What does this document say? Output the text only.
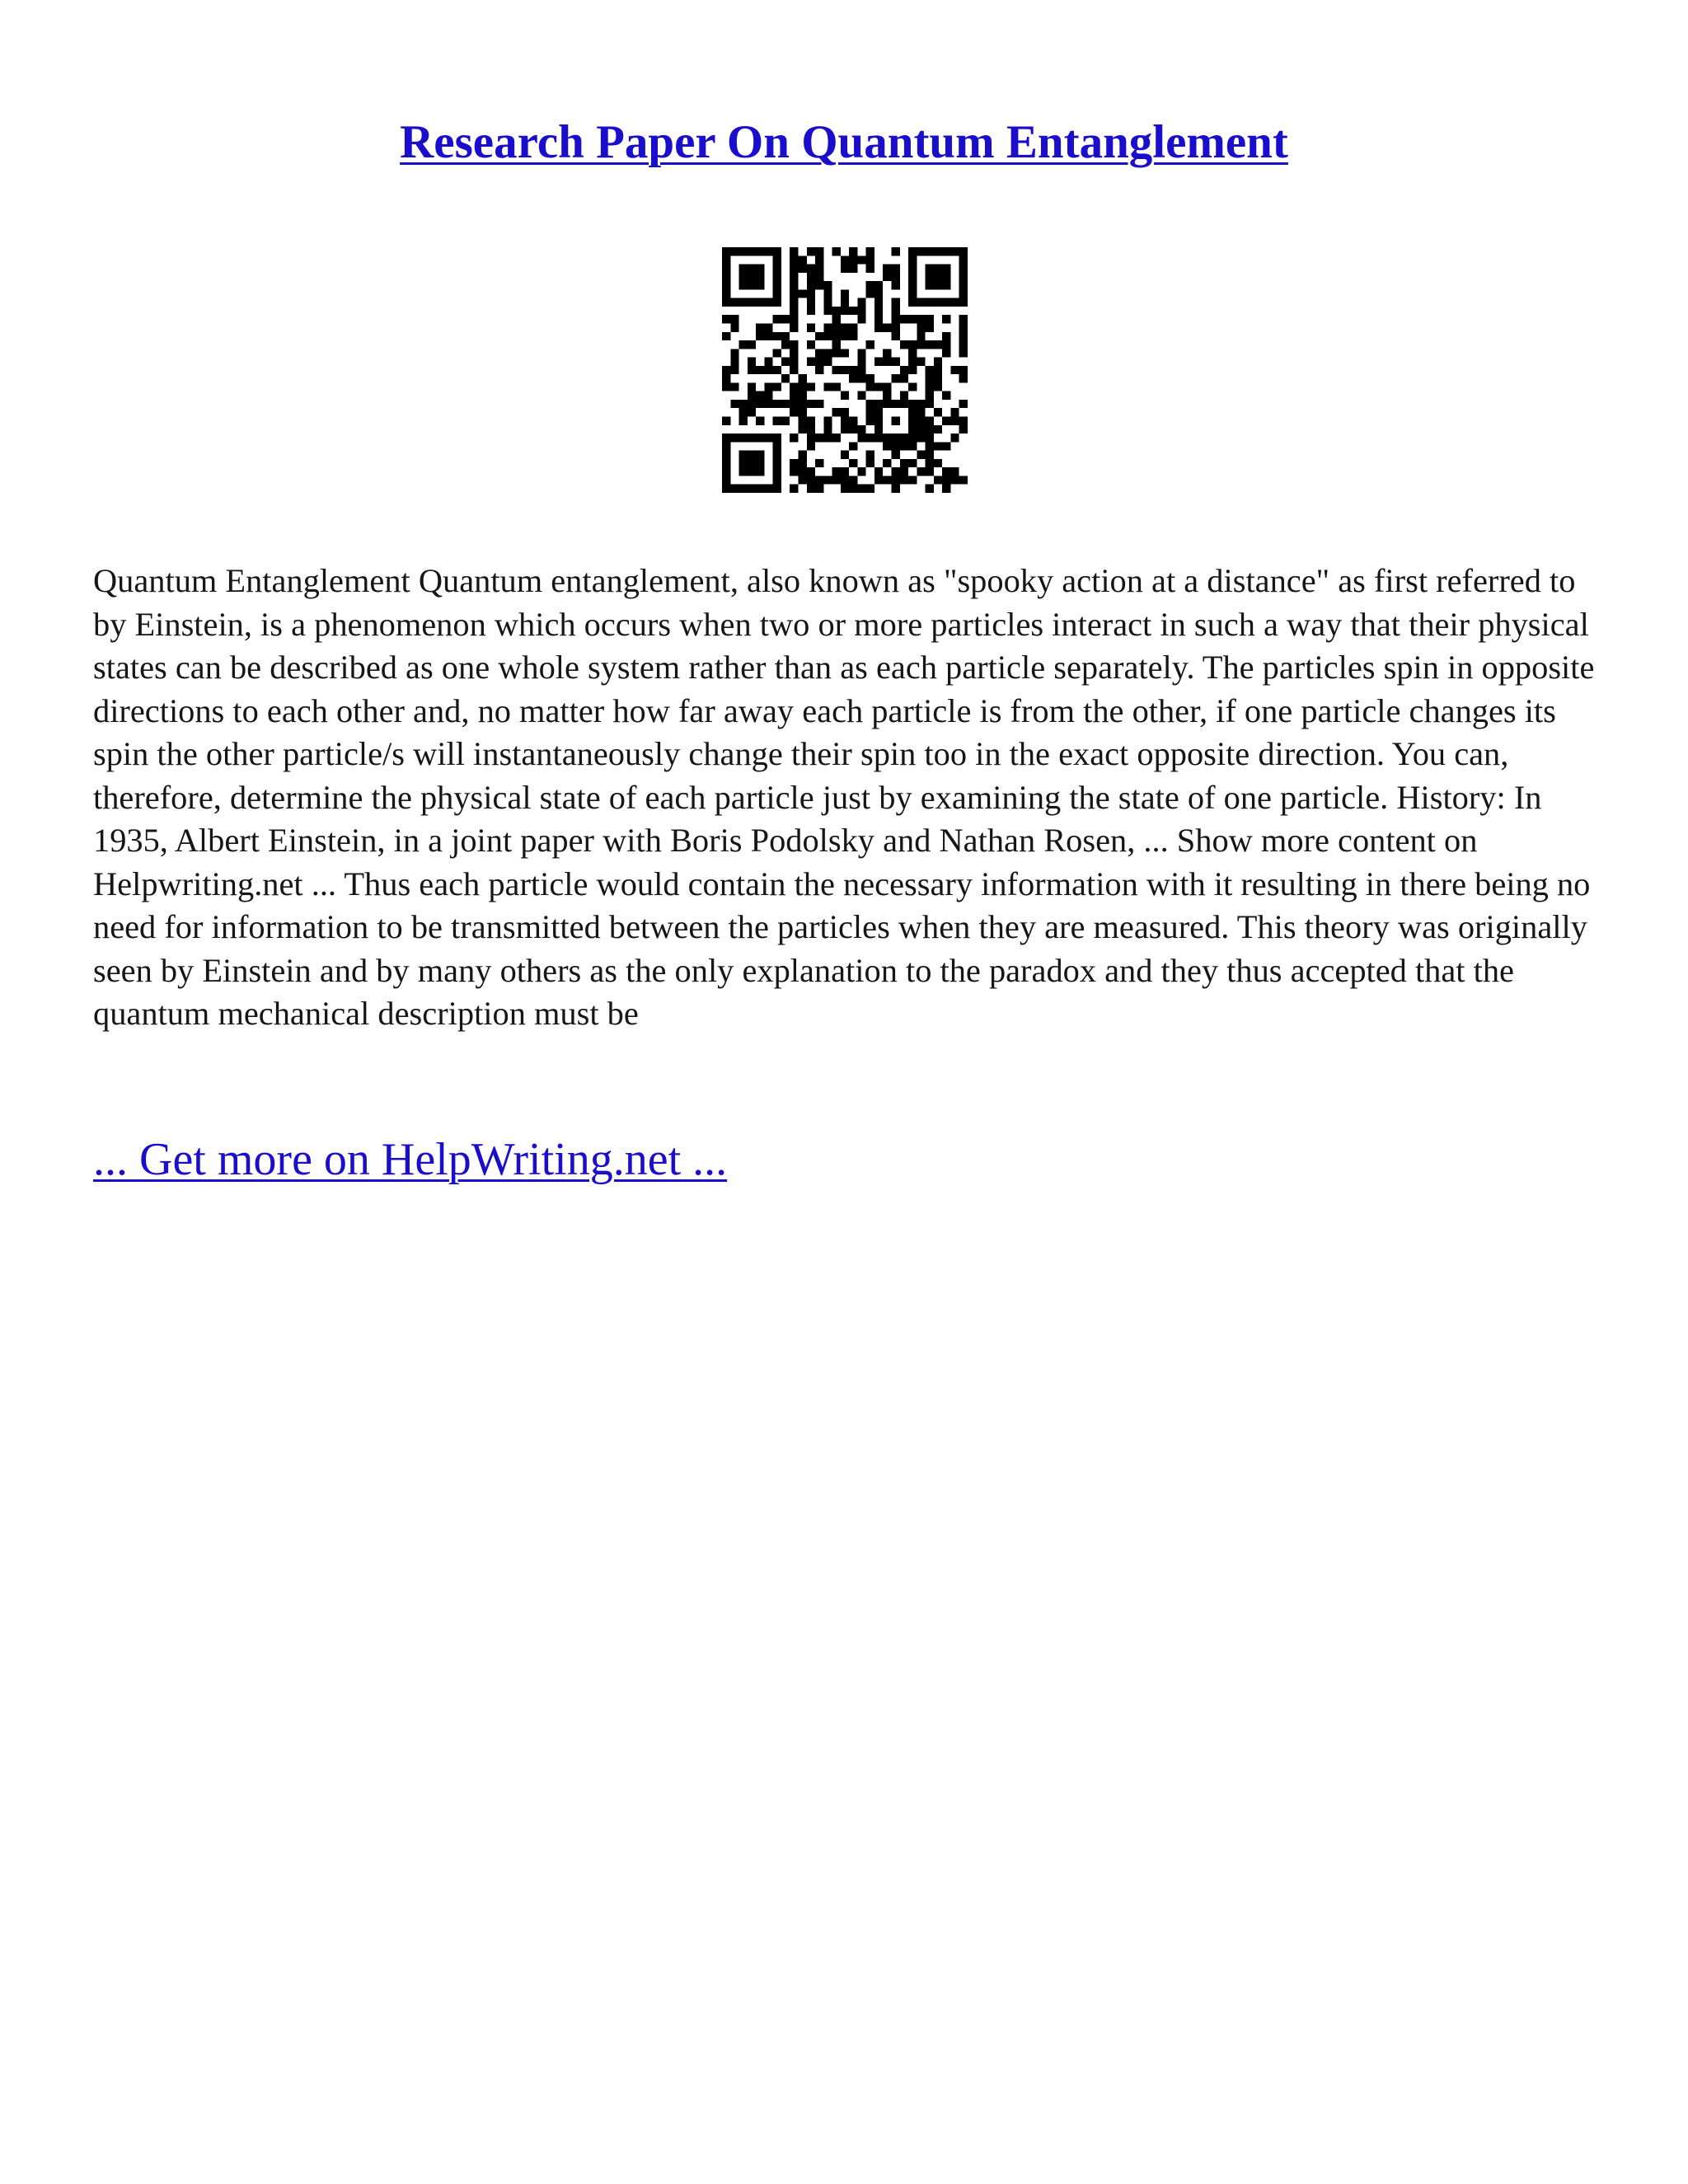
Research Paper On Quantum Entanglement

Quantum Entanglement Quantum entanglement, also known as "spooky action at a distance" as first referred to by Einstein, is a phenomenon which occurs when two or more particles interact in such a way that their physical states can be described as one whole system rather than as each particle separately. The particles spin in opposite directions to each other and, no matter how far away each particle is from the other, if one particle changes its spin the other particle/s will instantaneously change their spin too in the exact opposite direction. You can, therefore, determine the physical state of each particle just by examining the state of one particle. History: In 1935, Albert Einstein, in a joint paper with Boris Podolsky and Nathan Rosen, ... Show more content on Helpwriting.net ... Thus each particle would contain the necessary information with it resulting in there being no need for information to be transmitted between the particles when they are measured. This theory was originally seen by Einstein and by many others as the only explanation to the paradox and they thus accepted that the quantum mechanical description must be

... Get more on HelpWriting.net ...
